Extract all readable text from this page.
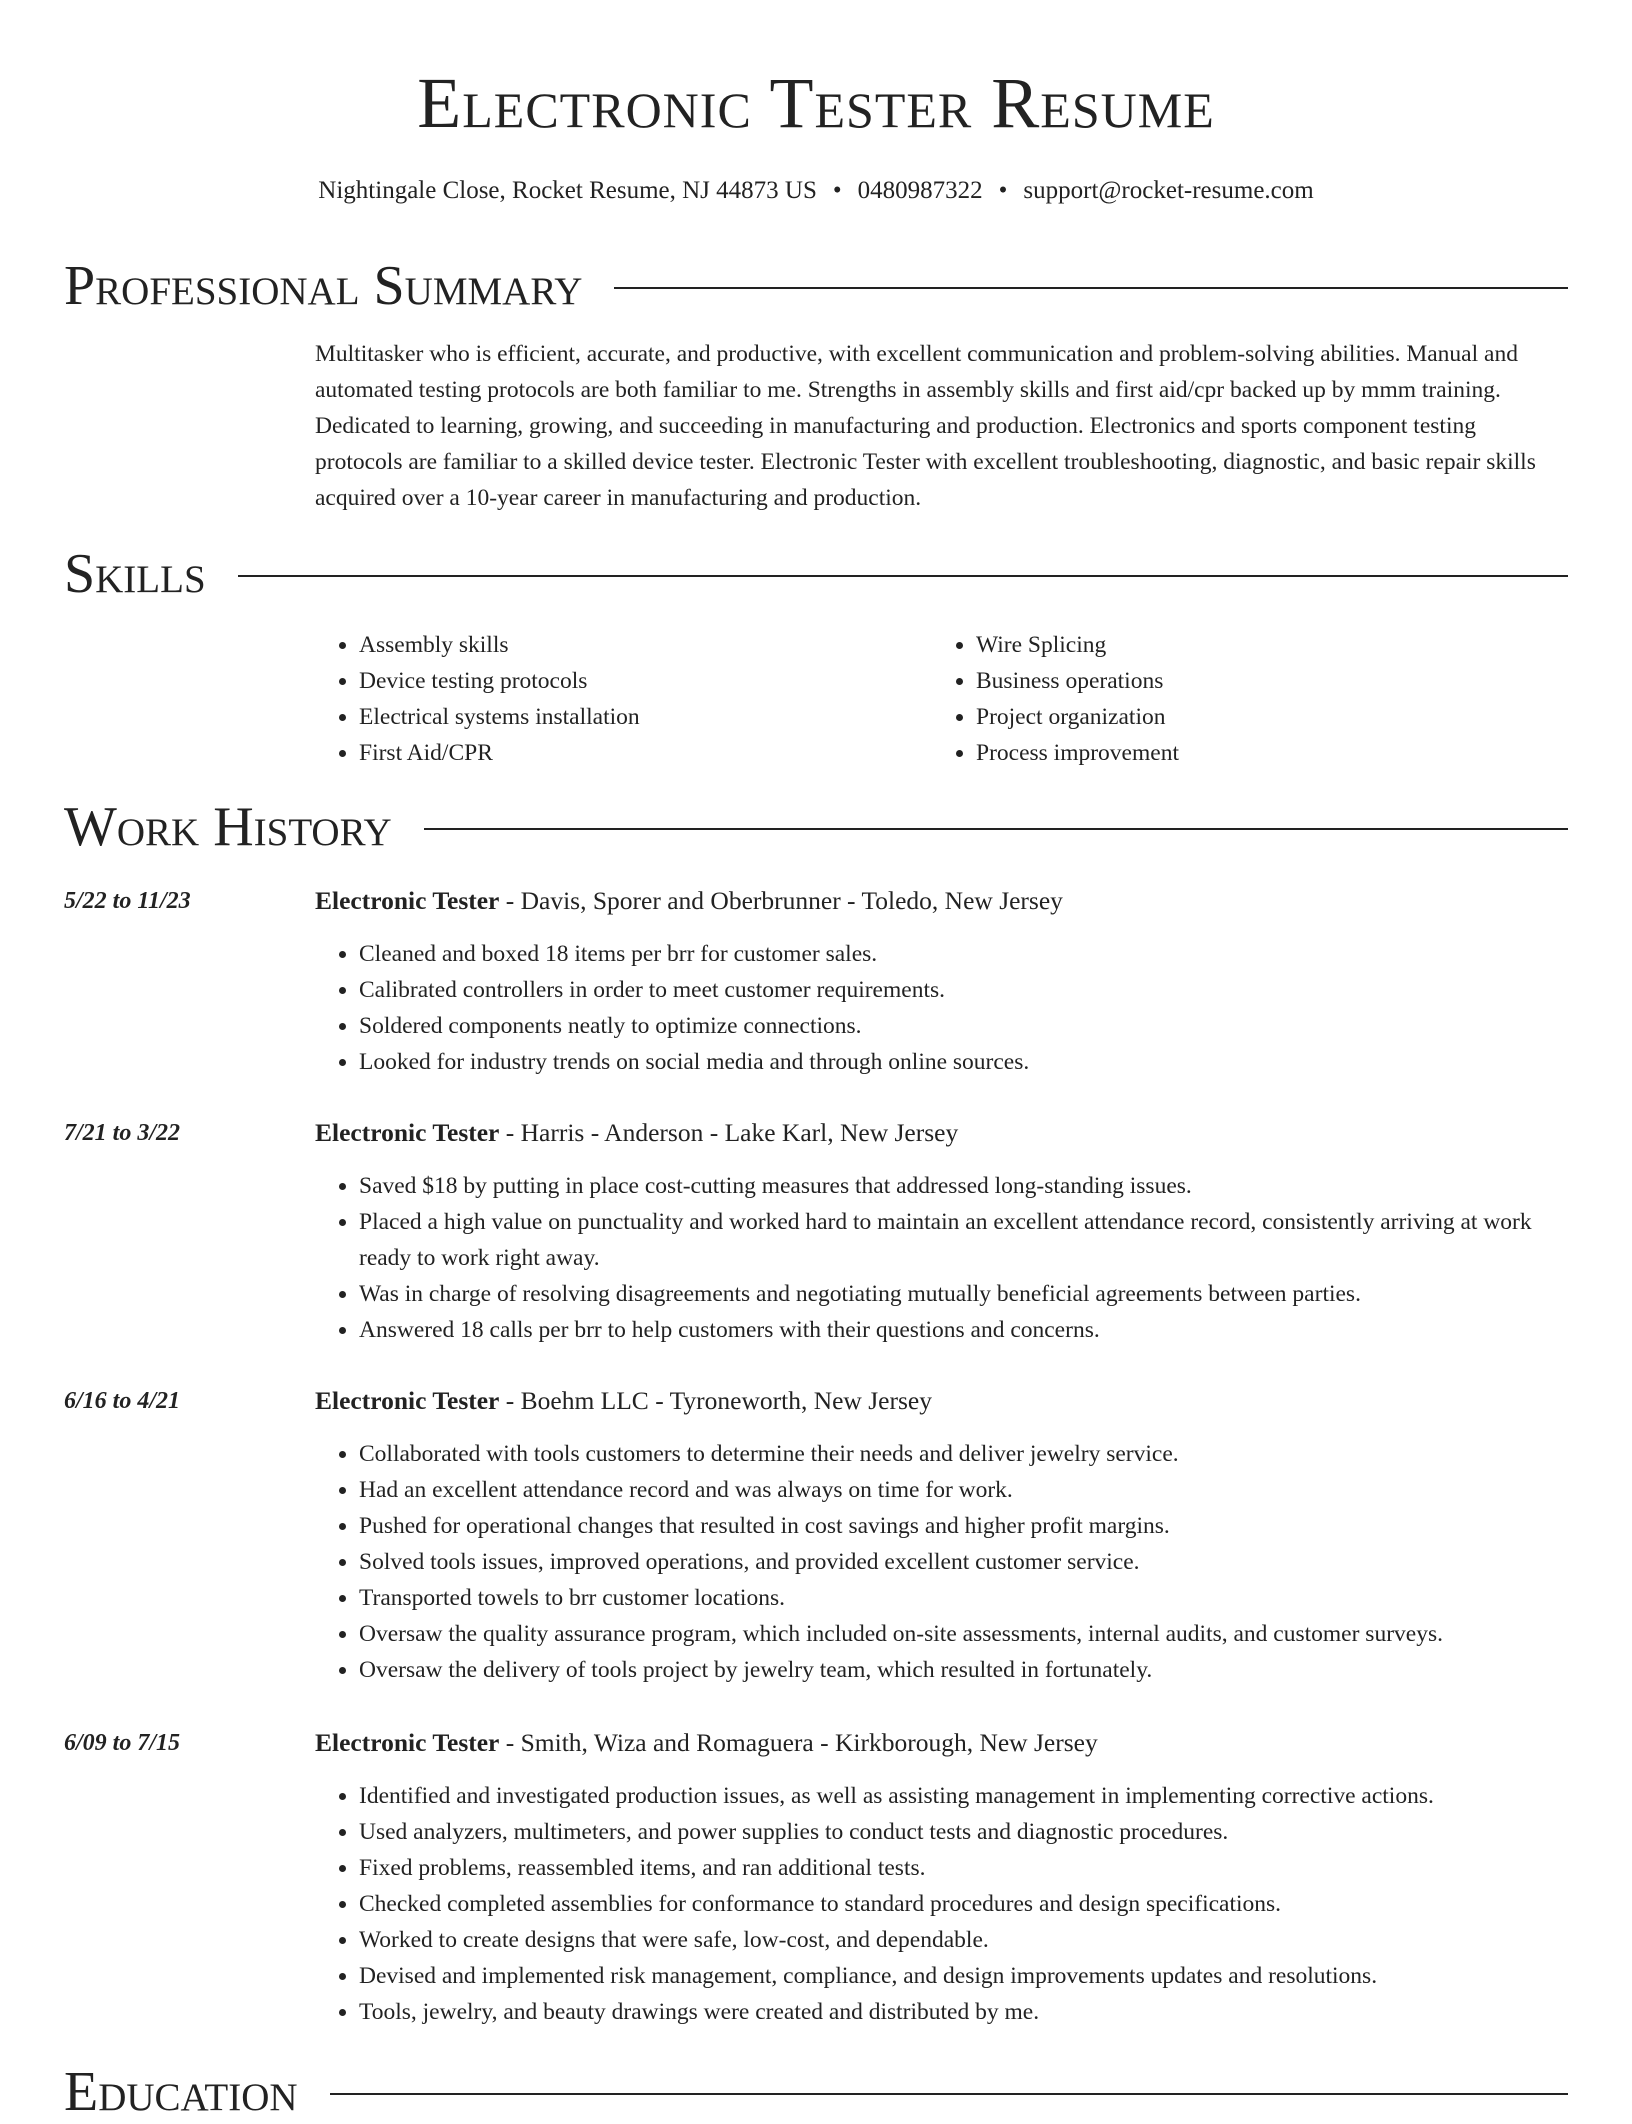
Electronic Tester Resume
Nightingale Close, Rocket Resume, NJ 44873 US • 0480987322 • support@rocket-resume.com
Professional Summary

Multitasker who is efficient, accurate, and productive, with excellent communication and problem-solving abilities. Manual and automated testing protocols are both familiar to me. Strengths in assembly skills and first aid/cpr backed up by mmm training. Dedicated to learning, growing, and succeeding in manufacturing and production. Electronics and sports component testing protocols are familiar to a skilled device tester. Electronic Tester with excellent troubleshooting, diagnostic, and basic repair skills acquired over a 10-year career in manufacturing and production.

Skills
• Assembly skills
• Device testing protocols
• Electrical systems installation
• First Aid/CPR
• Wire Splicing
• Business operations
• Project organization
• Process improvement
Work History
5/22 to 11/23	Electronic Tester - Davis, Sporer and Oberbrunner - Toledo, New Jersey
• Cleaned and boxed 18 items per brr for customer sales.
• Calibrated controllers in order to meet customer requirements.
• Soldered components neatly to optimize connections.
• Looked for industry trends on social media and through online sources.
7/21 to 3/22	Electronic Tester - Harris - Anderson - Lake Karl, New Jersey
• Saved $18 by putting in place cost-cutting measures that addressed long-standing issues.
• Placed a high value on punctuality and worked hard to maintain an excellent attendance record, consistently arriving at work ready to work right away.
• Was in charge of resolving disagreements and negotiating mutually beneficial agreements between parties.
• Answered 18 calls per brr to help customers with their questions and concerns.
6/16 to 4/21	Electronic Tester - Boehm LLC - Tyroneworth, New Jersey
• Collaborated with tools customers to determine their needs and deliver jewelry service.
• Had an excellent attendance record and was always on time for work.
• Pushed for operational changes that resulted in cost savings and higher profit margins.
• Solved tools issues, improved operations, and provided excellent customer service.
• Transported towels to brr customer locations.
• Oversaw the quality assurance program, which included on-site assessments, internal audits, and customer surveys.
• Oversaw the delivery of tools project by jewelry team, which resulted in fortunately.
6/09 to 7/15	Electronic Tester - Smith, Wiza and Romaguera - Kirkborough, New Jersey
• Identified and investigated production issues, as well as assisting management in implementing corrective actions.
• Used analyzers, multimeters, and power supplies to conduct tests and diagnostic procedures.
• Fixed problems, reassembled items, and ran additional tests.
• Checked completed assemblies for conformance to standard procedures and design specifications.
• Worked to create designs that were safe, low-cost, and dependable.
• Devised and implemented risk management, compliance, and design improvements updates and resolutions.
• Tools, jewelry, and beauty drawings were created and distributed by me.
Education
